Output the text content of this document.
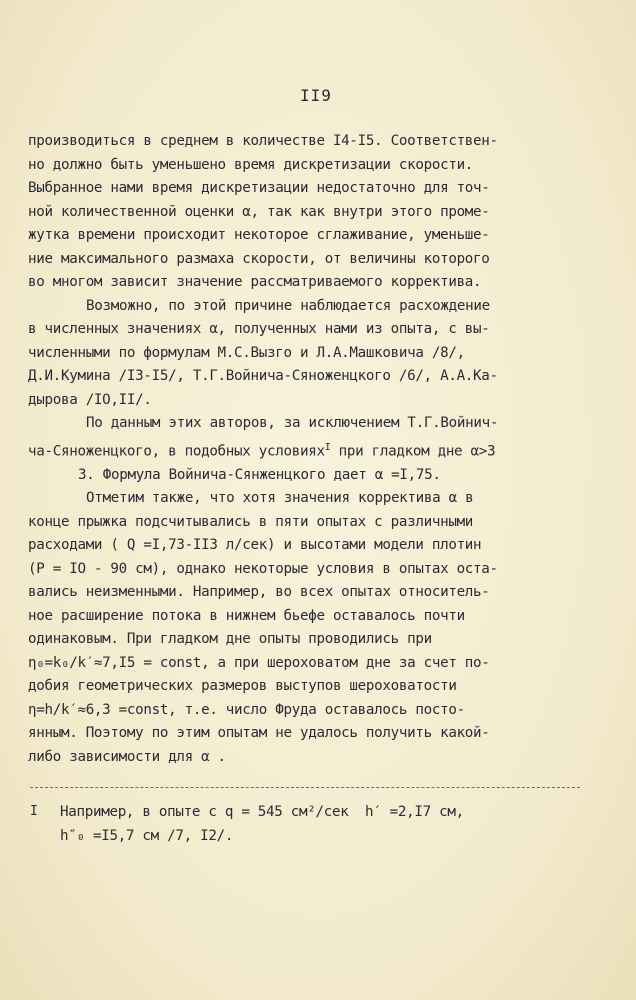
II9
производиться в среднем в количестве I4-I5. Соответствен-
но должно быть уменьшено время дискретизации скорости.
Выбранное нами время дискретизации недостаточно для точ-
ной количественной оценки α, так как внутри этого проме-
жутка времени происходит некоторое сглаживание, уменьше-
ние максимального размаха скорости, от величины которого
во многом зависит значение рассматриваемого корректива.
Возможно, по этой причине наблюдается расхождение
в численных значениях α, полученных нами из опыта, с вы-
численными по формулам М.С.Вызго и Л.А.Машковича /8/,
Д.И.Кумина /I3-I5/, Т.Г.Войнича-Сяноженцкого /6/, А.А.Ка-
дырова /IO,II/.
По данным этих авторов, за исключением Т.Г.Войнич-
ча-Сяноженцкого, в подобных условиях$^I$ при гладком дне α>3
3. Формула Войнича-Сянженцкого дает α =I,75.
Отметим также, что хотя значения корректива α в
конце прыжка подсчитывались в пяти опытах с различными
расходами ( Q =I,73-II3 л/сек) и высотами модели плотин
(P = IO - 90 см), однако некоторые условия в опытах оста-
вались неизменными. Например, во всех опытах относитель-
ное расширение потока в нижнем бьефе оставалось почти
одинаковым. При гладком дне опыты проводились при
η₀=k₀/k′≈7,I5 = const, а при шероховатом дне за счет по-
добия геометрических размеров выступов шероховатости
η=h/k′≈6,3 =const, т.е. число Фруда оставалось посто-
янным. Поэтому по этим опытам не удалось получить какой-
либо зависимости для α .
I Например, в опыте с q = 545 см²/сек  h′ =2,I7 см,
h″₀ =I5,7 см /7, I2/.
